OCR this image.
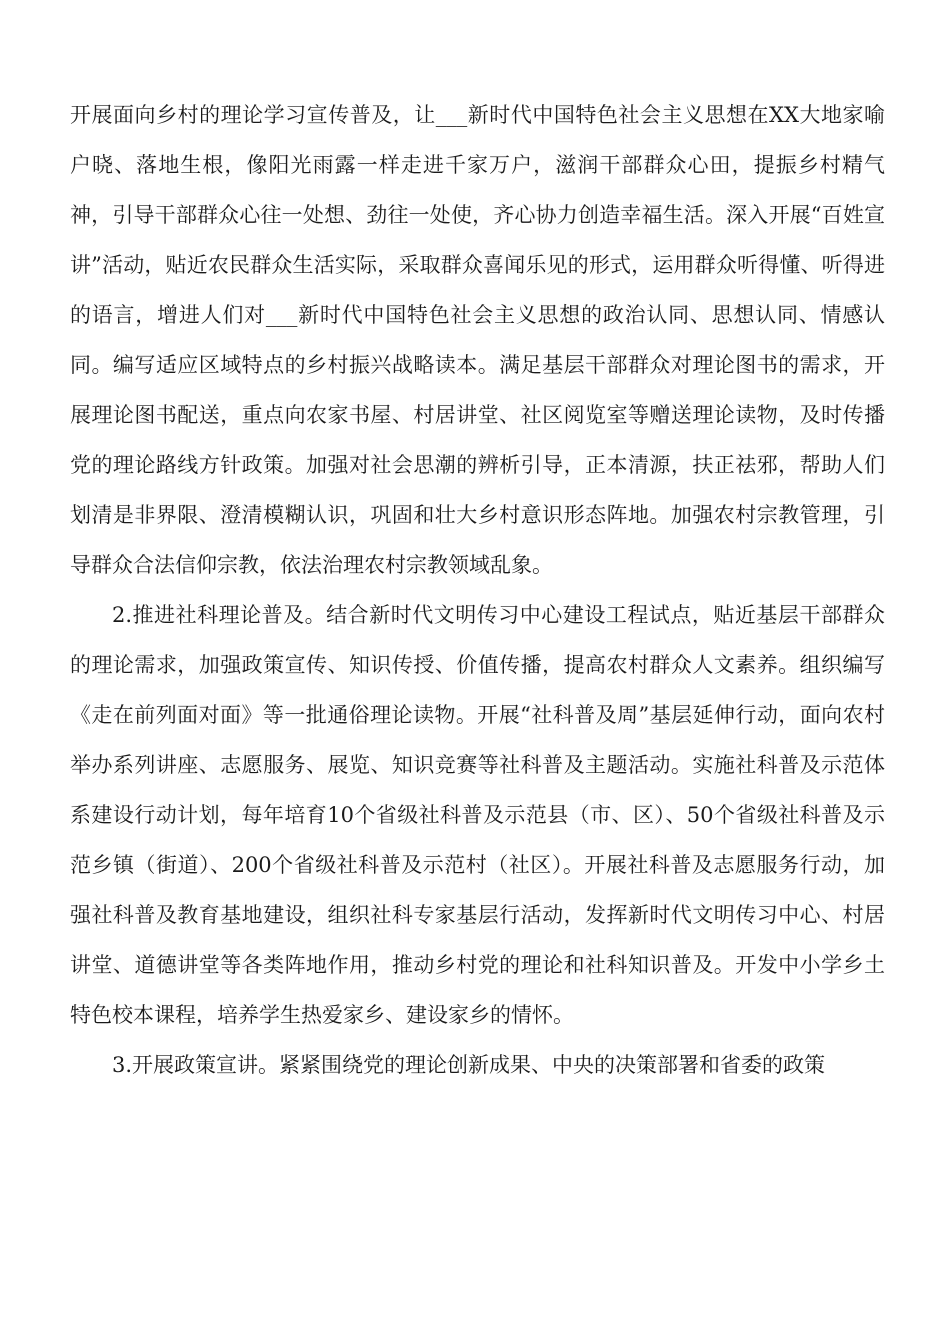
开展面向乡村的理论学习宣传普及，让___新时代中国特色社会主义思想在XX大地家喻户晓、落地生根，像阳光雨露一样走进千家万户，滋润干部群众心田，提振乡村精气神，引导干部群众心往一处想、劲往一处使，齐心协力创造幸福生活。深入开展“百姓宣讲”活动，贴近农民群众生活实际，采取群众喜闻乐见的形式，运用群众听得懂、听得进的语言，增进人们对___新时代中国特色社会主义思想的政治认同、思想认同、情感认同。编写适应区域特点的乡村振兴战略读本。满足基层干部群众对理论图书的需求，开展理论图书配送，重点向农家书屋、村居讲堂、社区阅览室等赠送理论读物，及时传播党的理论路线方针政策。加强对社会思潮的辨析引导，正本清源，扶正祛邪，帮助人们划清是非界限、澄清模糊认识，巩固和壮大乡村意识形态阵地。加强农村宗教管理，引导群众合法信仰宗教，依法治理农村宗教领域乱象。

2.推进社科理论普及。结合新时代文明传习中心建设工程试点，贴近基层干部群众的理论需求，加强政策宣传、知识传授、价值传播，提高农村群众人文素养。组织编写《走在前列面对面》等一批通俗理论读物。开展“社科普及周”基层延伸行动，面向农村举办系列讲座、志愿服务、展览、知识竞赛等社科普及主题活动。实施社科普及示范体系建设行动计划，每年培育10个省级社科普及示范县（市、区）、50个省级社科普及示范乡镇（街道）、200个省级社科普及示范村（社区）。开展社科普及志愿服务行动，加强社科普及教育基地建设，组织社科专家基层行活动，发挥新时代文明传习中心、村居讲堂、道德讲堂等各类阵地作用，推动乡村党的理论和社科知识普及。开发中小学乡土特色校本课程，培养学生热爱家乡、建设家乡的情怀。

3.开展政策宣讲。紧紧围绕党的理论创新成果、中央的决策部署和省委的政策
